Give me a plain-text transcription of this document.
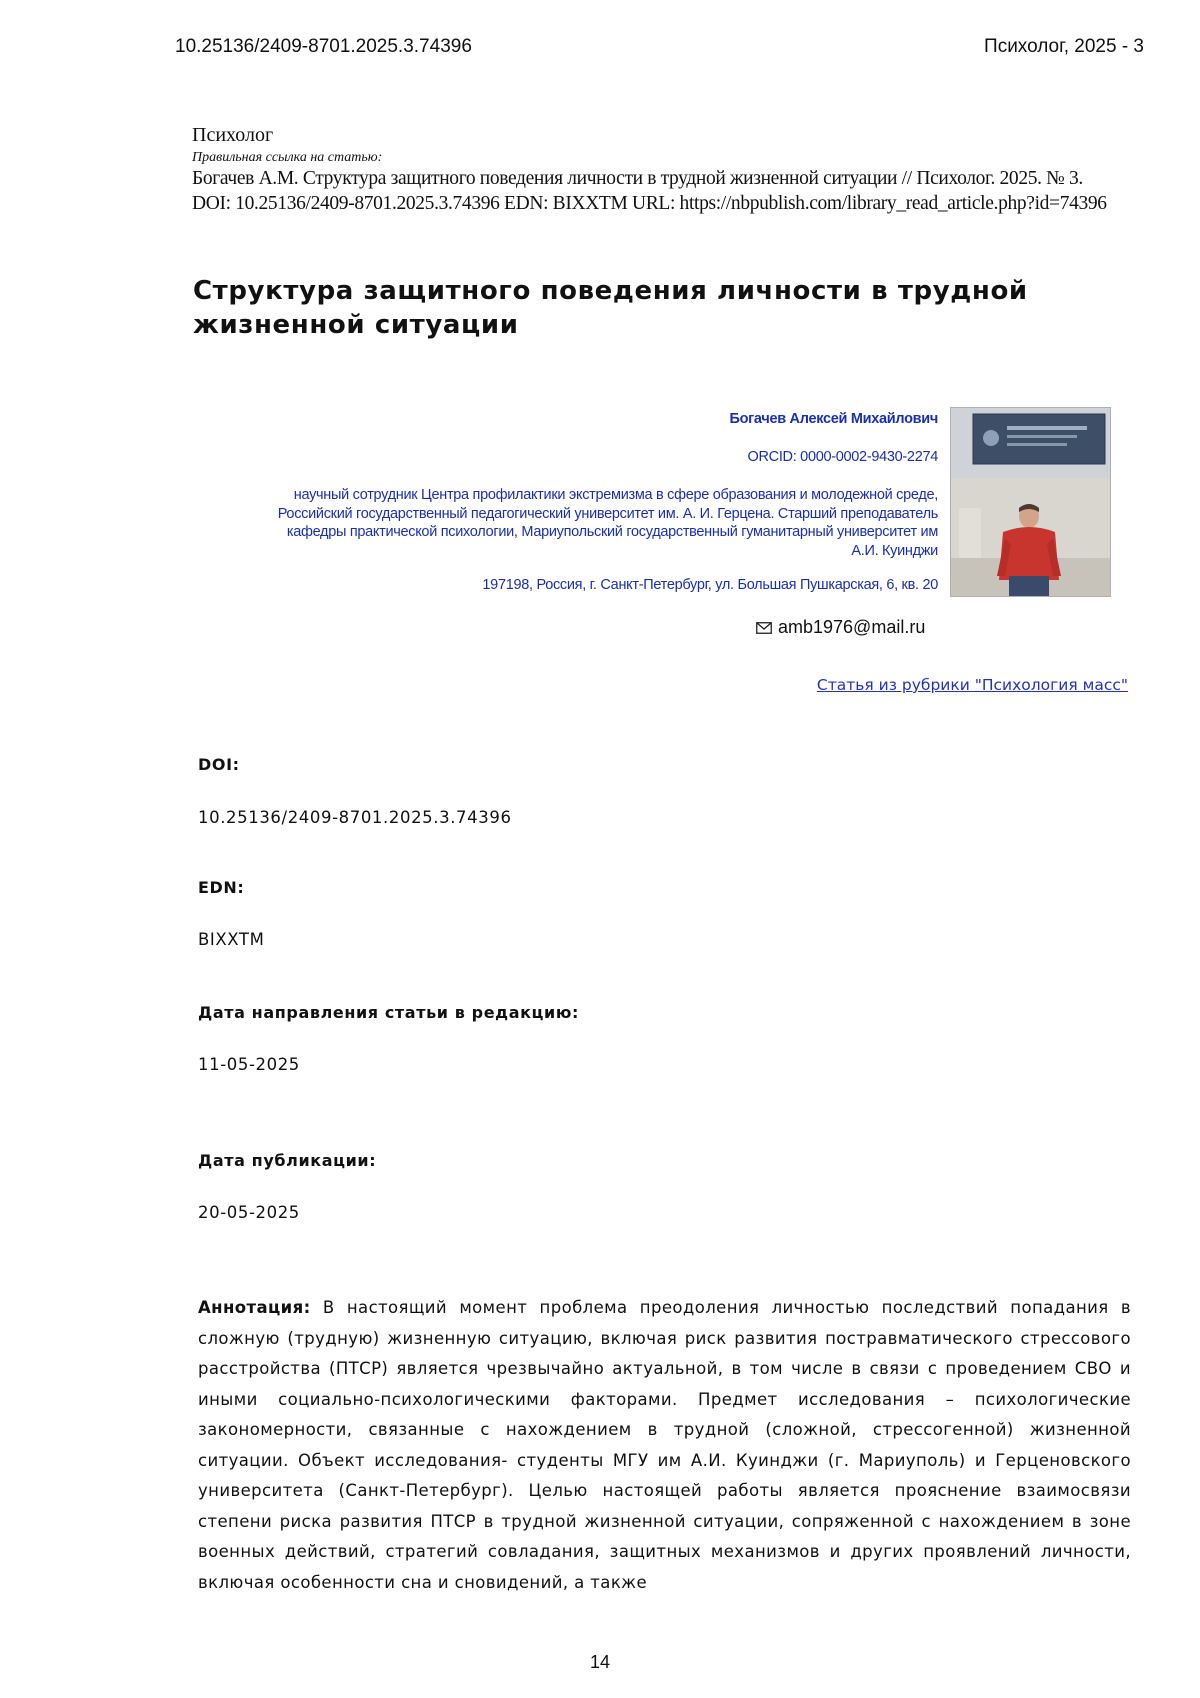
10.25136/2409-8701.2025.3.74396	Психолог, 2025 - 3
Психолог
Правильная ссылка на статью:
Богачев А.М. Структура защитного поведения личности в трудной жизненной ситуации // Психолог. 2025. № 3.
DOI: 10.25136/2409-8701.2025.3.74396 EDN: BIXXTM URL: https://nbpublish.com/library_read_article.php?id=74396
Структура защитного поведения личности в трудной жизненной ситуации
Богачев Алексей Михайлович
ORCID: 0000-0002-9430-2274
научный сотрудник Центра профилактики экстремизма в сфере образования и молодежной среде,
Российский государственный педагогический университет им. А. И. Герцена. Старший преподаватель
кафедры практической психологии, Мариупольский государственный гуманитарный университет им
А.И. Куинджи
197198, Россия, г. Санкт-Петербург, ул. Большая Пушкарская, 6, кв. 20
amb1976@mail.ru
Статья из рубрики "Психология масс"
DOI:
10.25136/2409-8701.2025.3.74396
EDN:
BIXXTM
Дата направления статьи в редакцию:
11-05-2025
Дата публикации:
20-05-2025

Аннотация: В настоящий момент проблема преодоления личностью последствий попадания в сложную (трудную) жизненную ситуацию, включая риск развития постравматического стрессового расстройства (ПТСР) является чрезвычайно актуальной, в том числе в связи с проведением СВО и иными социально-психологическими факторами. Предмет исследования – психологические закономерности, связанные с нахождением в трудной (сложной, стрессогенной) жизненной ситуации. Объект исследования- студенты МГУ им А.И. Куинджи (г. Мариуполь) и Герценовского университета (Санкт-Петербург). Целью настоящей работы является прояснение взаимосвязи степени риска развития ПТСР в трудной жизненной ситуации, сопряженной с нахождением в зоне военных действий, стратегий совладания, защитных механизмов и других проявлений личности, включая особенности сна и сновидений, а также

14
